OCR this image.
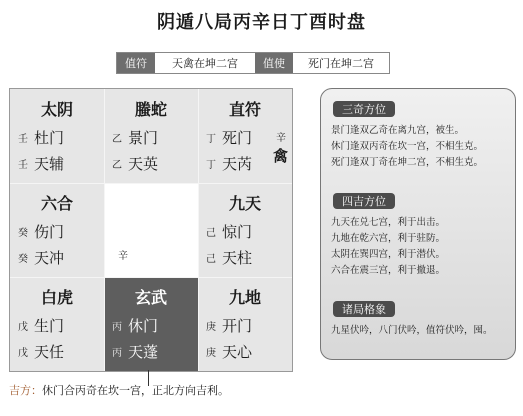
阴遁八局丙辛日丁酉时盘
值符	天禽在坤二宫	值使	死门在坤二宫
太阴
壬 杜门
壬 天辅
螣蛇
乙 景门
乙 天英
直符
丁 死门
丁 天芮
辛
禽
六合
癸 伤门
癸 天冲	辛
九天
己 惊门
己 天柱
白虎
戊 生门
戊 天任
玄武
丙 休门
丙 天蓬
九地
庚 开门
庚 天心
三奇方位
景门逢双乙奇在离九宫，被生。
休门逢双丙奇在坎一宫，不相生克。
死门逢双丁奇在坤二宫，不相生克。
四吉方位
九天在兑七宫，利于出击。
九地在乾六宫，利于驻防。
太阴在巽四宫，利于潜伏。
六合在震三宫，利于撤退。
诸局格象
九星伏吟，八门伏吟，值符伏吟，囤。
吉方：休门合丙奇在坎一宫，正北方向吉利。
